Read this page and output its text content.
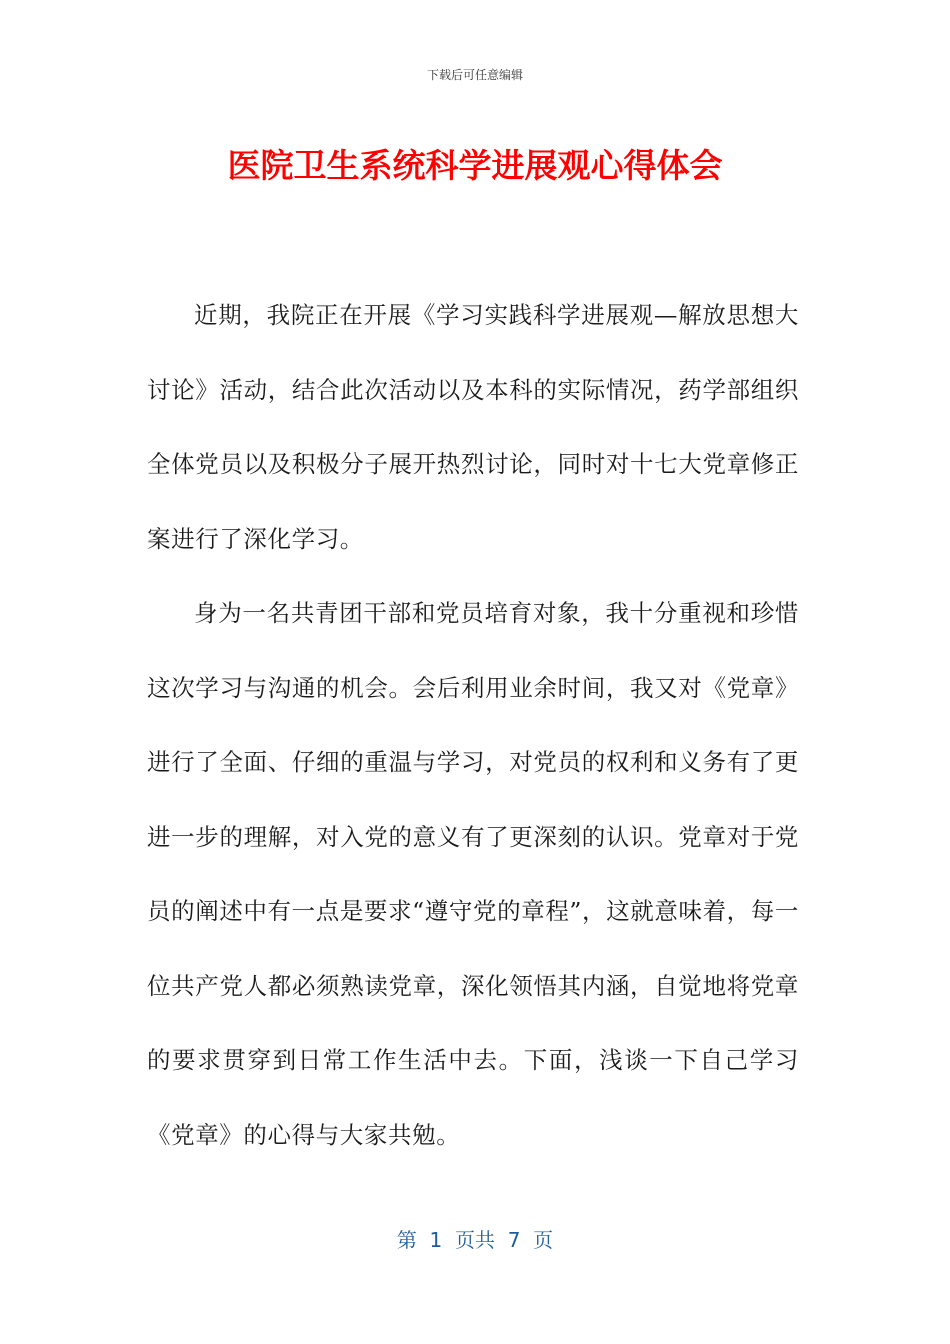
下载后可任意编辑
医院卫生系统科学进展观心得体会

近期，我院正在开展《学习实践科学进展观—解放思想大讨论》活动，结合此次活动以及本科的实际情况，药学部组织全体党员以及积极分子展开热烈讨论，同时对十七大党章修正案进行了深化学习。

身为一名共青团干部和党员培育对象，我十分重视和珍惜这次学习与沟通的机会。会后利用业余时间，我又对《党章》进行了全面、仔细的重温与学习，对党员的权利和义务有了更进一步的理解，对入党的意义有了更深刻的认识。党章对于党员的阐述中有一点是要求“遵守党的章程”，这就意味着，每一位共产党人都必须熟读党章，深化领悟其内涵，自觉地将党章的要求贯穿到日常工作生活中去。下面，浅谈一下自己学习《党章》的心得与大家共勉。

第  1  页共  7  页
